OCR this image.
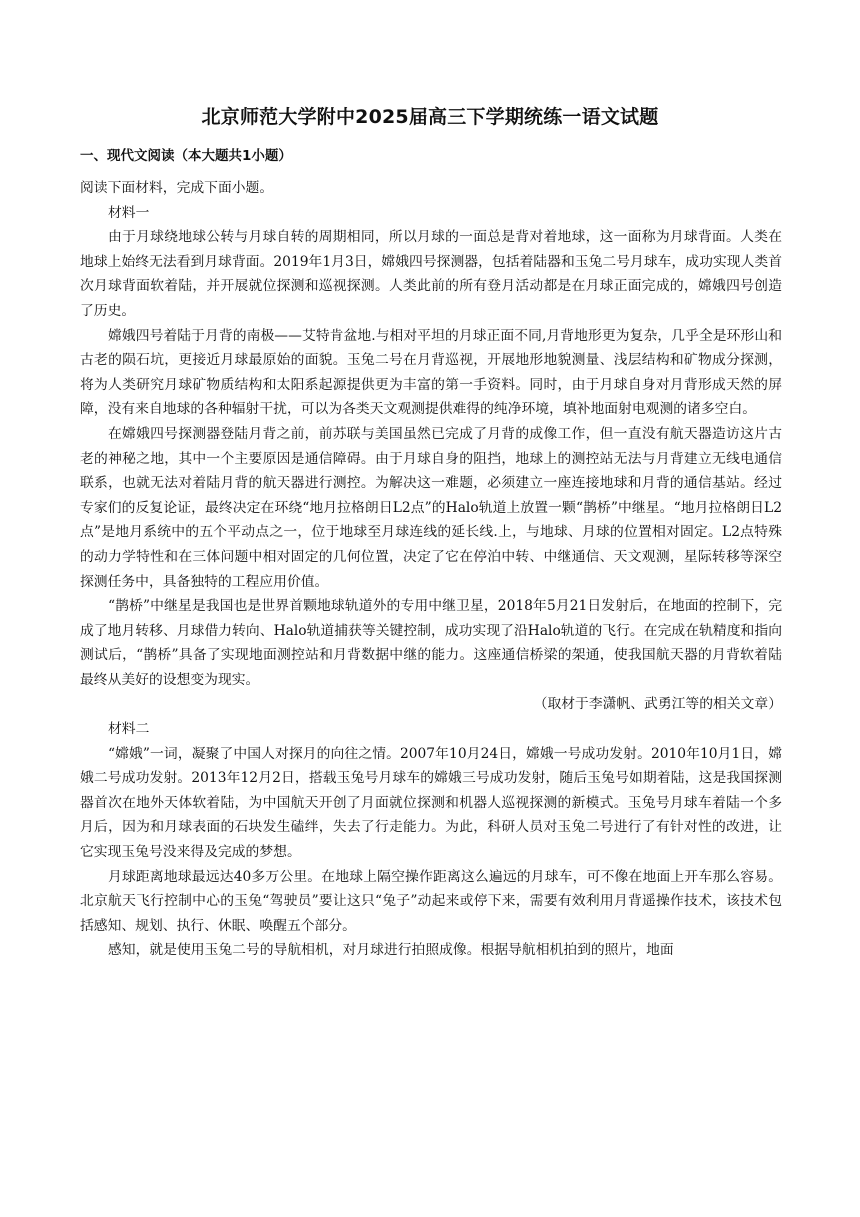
北京师范大学附中2025届高三下学期统练一语文试题
一、现代文阅读（本大题共1小题）

阅读下面材料，完成下面小题。

材料一

由于月球绕地球公转与月球自转的周期相同，所以月球的一面总是背对着地球，这一面称为月球背面。人类在地球上始终无法看到月球背面。2019年1月3日，嫦娥四号探测器，包括着陆器和玉兔二号月球车，成功实现人类首次月球背面软着陆，并开展就位探测和巡视探测。人类此前的所有登月活动都是在月球正面完成的，嫦娥四号创造了历史。

嫦娥四号着陆于月背的南极——艾特肯盆地.与相对平坦的月球正面不同,月背地形更为复杂，几乎全是环形山和古老的陨石坑，更接近月球最原始的面貌。玉兔二号在月背巡视，开展地形地貌测量、浅层结构和矿物成分探测，将为人类研究月球矿物质结构和太阳系起源提供更为丰富的第一手资料。同时，由于月球自身对月背形成天然的屏障，没有来自地球的各种辐射干扰，可以为各类天文观测提供难得的纯净环境，填补地面射电观测的诸多空白。

在嫦娥四号探测器登陆月背之前，前苏联与美国虽然已完成了月背的成像工作，但一直没有航天器造访这片古老的神秘之地，其中一个主要原因是通信障碍。由于月球自身的阻挡，地球上的测控站无法与月背建立无线电通信联系，也就无法对着陆月背的航天器进行测控。为解决这一难题，必须建立一座连接地球和月背的通信基站。经过专家们的反复论证，最终决定在环绕“地月拉格朗日L2点”的Halo轨道上放置一颗“鹊桥”中继星。“地月拉格朗日L2点”是地月系统中的五个平动点之一，位于地球至月球连线的延长线.上，与地球、月球的位置相对固定。L2点特殊的动力学特性和在三体问题中相对固定的几何位置，决定了它在停泊中转、中继通信、天文观测，星际转移等深空探测任务中，具备独特的工程应用价值。

“鹊桥”中继星是我国也是世界首颗地球轨道外的专用中继卫星，2018年5月21日发射后，在地面的控制下，完成了地月转移、月球借力转向、Halo轨道捕获等关键控制，成功实现了沿Halo轨道的飞行。在完成在轨精度和指向测试后，“鹊桥”具备了实现地面测控站和月背数据中继的能力。这座通信桥梁的架通，使我国航天器的月背软着陆最终从美好的设想变为现实。

（取材于李潇帆、武勇江等的相关文章）

材料二

“嫦娥”一词，凝聚了中国人对探月的向往之情。2007年10月24日，嫦娥一号成功发射。2010年10月1日，嫦娥二号成功发射。2013年12月2日，搭载玉兔号月球车的嫦娥三号成功发射，随后玉兔号如期着陆，这是我国探测器首次在地外天体软着陆，为中国航天开创了月面就位探测和机器人巡视探测的新模式。玉兔号月球车着陆一个多月后，因为和月球表面的石块发生磕绊，失去了行走能力。为此，科研人员对玉兔二号进行了有针对性的改进，让它实现玉兔号没来得及完成的梦想。

月球距离地球最远达40多万公里。在地球上隔空操作距离这么遍远的月球车，可不像在地面上开车那么容易。北京航天飞行控制中心的玉兔“驾驶员”要让这只“兔子”动起来或停下来，需要有效利用月背遥操作技术，该技术包括感知、规划、执行、休眠、唤醒五个部分。

感知，就是使用玉兔二号的导航相机，对月球进行拍照成像。根据导航相机拍到的照片，地面
